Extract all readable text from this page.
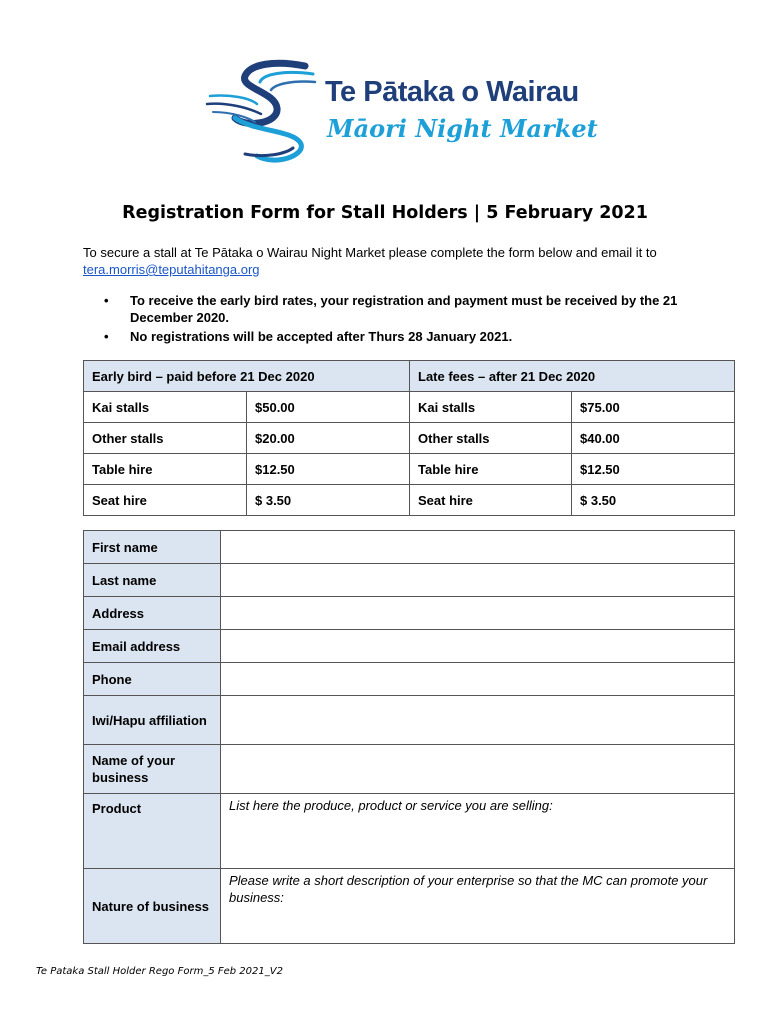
Te Pātaka o Wairau
Māori Night Market
Registration Form for Stall Holders | 5 February 2021
To secure a stall at Te Pātaka o Wairau Night Market please complete the form below and email it to tera.morris@teputahitanga.org
• To receive the early bird rates, your registration and payment must be received by the 21 December 2020.
• No registrations will be accepted after Thurs 28 January 2021.
Early bird – paid before 21 Dec 2020		Late fees – after 21 Dec 2020	
Kai stalls	$50.00	Kai stalls	$75.00
Other stalls	$20.00	Other stalls	$40.00
Table hire	$12.50	Table hire	$12.50
Seat hire	$ 3.50	Seat hire	$ 3.50
First name	
Last name	
Address	
Email address	
Phone	
Iwi/Hapu affiliation	
Name of your business	
Product	List here the produce, product or service you are selling:
Nature of business	Please write a short description of your enterprise so that the MC can promote your business:
Te Pataka Stall Holder Rego Form_5 Feb 2021_V2
